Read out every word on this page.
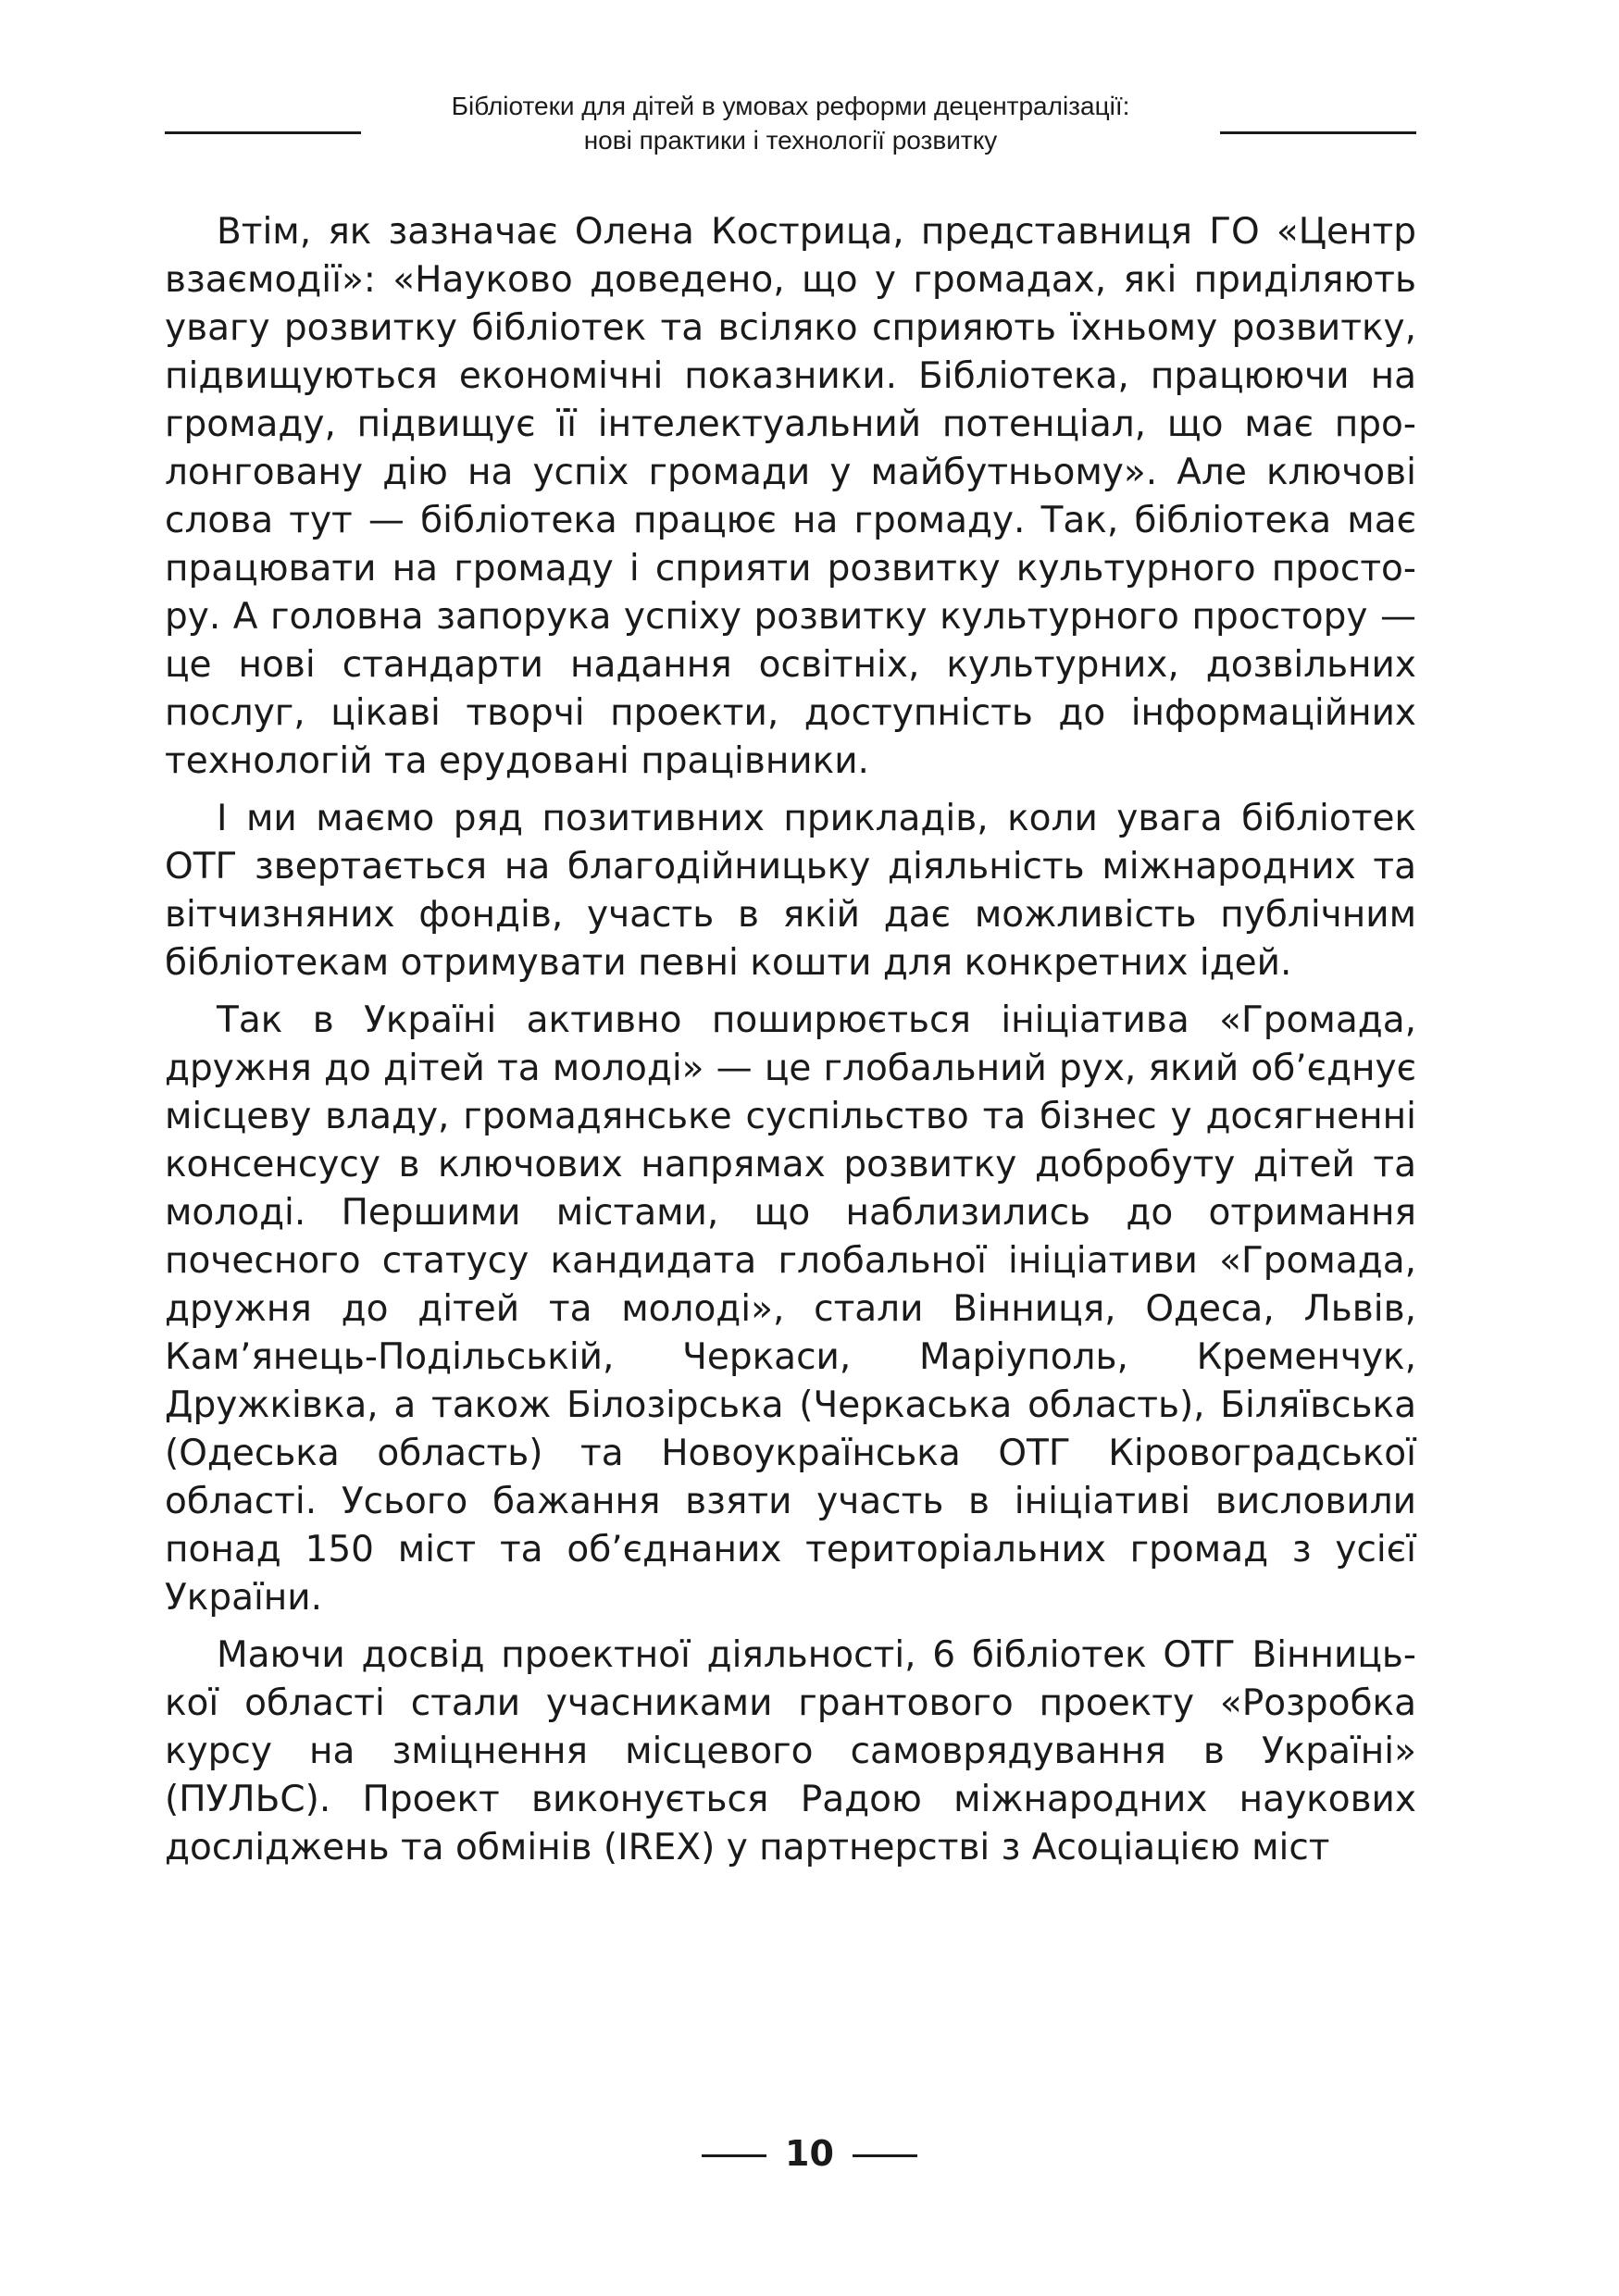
Бібліотеки для дітей в умовах реформи децентралізації:
нові практики і технології розвитку

Втім, як зазначає Олена Кострица, представниця ГО «Центр взаємодії»: «Науково доведено, що у громадах, які приділяють увагу розвитку бібліотек та всіляко сприяють їхньому розвитку, підвищуються економічні показники. Бібліотека, працюючи на громаду, підвищує її інтелектуальний потенціал, що має пролонговану дію на успіх громади у майбутньому». Але ключові слова тут — бібліотека працює на громаду. Так, бібліотека має працювати на громаду і сприяти розвитку культурного простору. А головна запорука успіху розвитку культурного простору — це нові стандарти надання освітніх, культурних, дозвільних послуг, цікаві творчі проекти, доступність до інформаційних технологій та ерудовані працівники.

І ми маємо ряд позитивних прикладів, коли увага бібліотек ОТГ звертається на благодійницьку діяльність міжнародних та вітчизняних фондів, участь в якій дає можливість публічним бібліотекам отримувати певні кошти для конкретних ідей.

Так в Україні активно поширюється ініціатива «Громада, дружня до дітей та молоді» — це глобальний рух, який об’єднує місцеву владу, громадянське суспільство та бізнес у досягненні консенсусу в ключових напрямах розвитку добробуту дітей та молоді. Першими містами, що наблизились до отримання почесного статусу кандидата глобальної ініціативи «Громада, дружня до дітей та молоді», стали Вінниця, Одеса, Львів, Кам’янець-Подільській, Черкаси, Маріуполь, Кременчук, Дружківка, а також Білозірська (Черкаська область), Біляївська (Одеська область) та Новоукраїнська ОТГ Кіровоградської області. Усього бажання взяти участь в ініціативі висловили понад 150 міст та об’єднаних територіальних громад з усієї України.

Маючи досвід проектної діяльності, 6 бібліотек ОТГ Вінницької області стали учасниками грантового проекту «Розробка курсу на зміцнення місцевого самоврядування в Україні» (ПУЛЬС). Проект виконується Радою міжнародних наукових досліджень та обмінів (IREX) у партнерстві з Асоціацією міст

10
